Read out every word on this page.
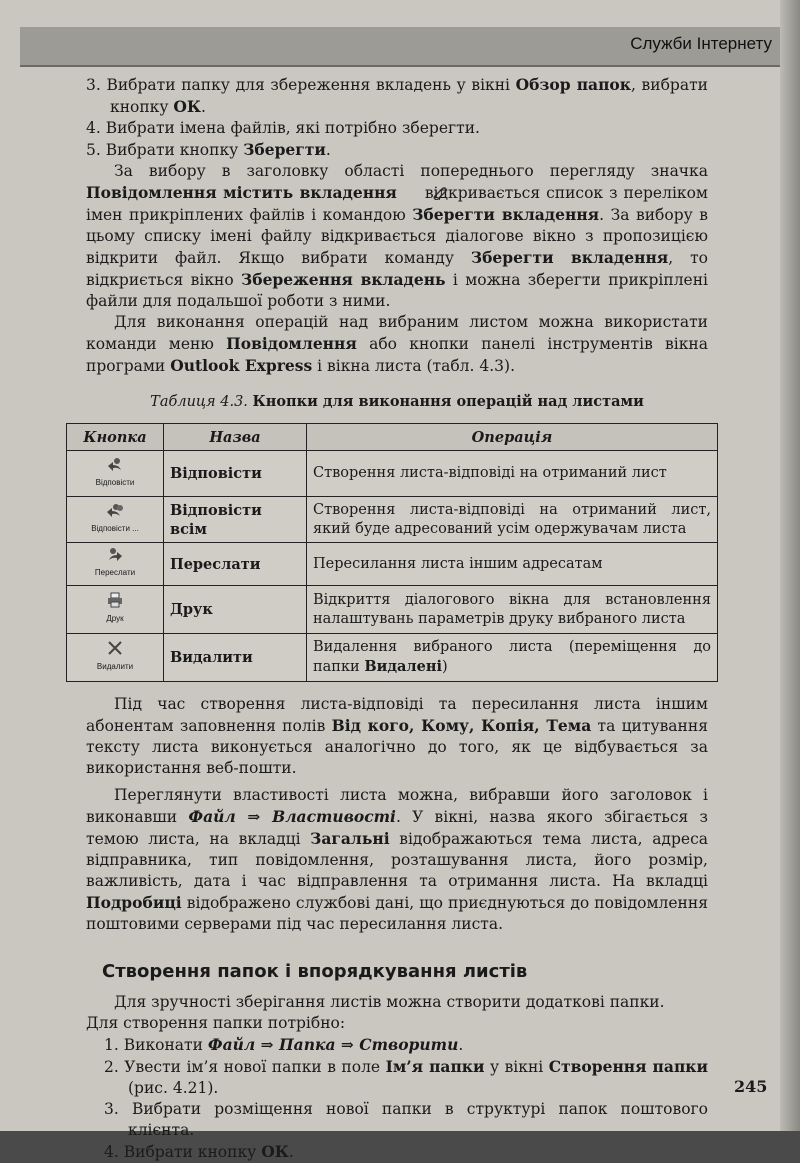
Служби Інтернету

3. Вибрати папку для збереження вкладень у вікні Обзор папок, вибрати кнопку ОК.

4. Вибрати імена файлів, які потрібно зберегти.

5. Вибрати кнопку Зберегти.

За вибору в заголовку області попереднього перегляду значка Повідомлення містить вкладення  відкривається список з переліком імен прикріплених файлів і командою Зберегти вкладення. За вибору в цьому списку імені файлу відкривається діалогове вікно з пропозицією відкрити файл. Якщо вибрати команду Зберегти вкладення, то відкриється вікно Збереження вкладень і можна зберегти прикріплені файли для подальшої роботи з ними.

Для виконання операцій над вибраним листом можна використати команди меню Повідомлення або кнопки панелі інструментів вікна програми Outlook Express і вікна листа (табл. 4.3).

Таблиця 4.3. Кнопки для виконання операцій над листами
Кнопка	Назва	Операція

Відповісти	Відповісти	Створення листа-відповіді на отриманий лист

Відповісти ...	Відповісти всім	Створення листа-відповіді на отриманий лист, який буде адресований усім одержувачам листа

Переслати	Переслати	Пересилання листа іншим адресатам

Друк	Друк	Відкриття діалогового вікна для встановлення налаштувань параметрів друку вибраного листа

Видалити	Видалити	Видалення вибраного листа (переміщення до папки Видалені)

Під час створення листа-відповіді та пересилання листа іншим абонентам заповнення полів Від кого, Кому, Копія, Тема та цитування тексту листа виконується аналогічно до того, як це відбувається за використання веб-пошти.

Переглянути властивості листа можна, вибравши його заголовок і виконавши Файл ⇒ Властивості. У вікні, назва якого збігається з темою листа, на вкладці Загальні відображаються тема листа, адреса відправника, тип повідомлення, розташування листа, його розмір, важливість, дата і час відправлення та отримання листа. На вкладці Подробиці відображено службові дані, що приєднуються до повідомлення поштовими серверами під час пересилання листа.

Створення папок і впорядкування листів

Для зручності зберігання листів можна створити додаткові папки.

Для створення папки потрібно:

1. Виконати Файл ⇒ Папка ⇒ Створити.

2. Увести ім’я нової папки в поле Ім’я папки у вікні Створення папки (рис. 4.21).

3. Вибрати розміщення нової папки в структурі папок поштового клієнта.

4. Вибрати кнопку ОК.

245
